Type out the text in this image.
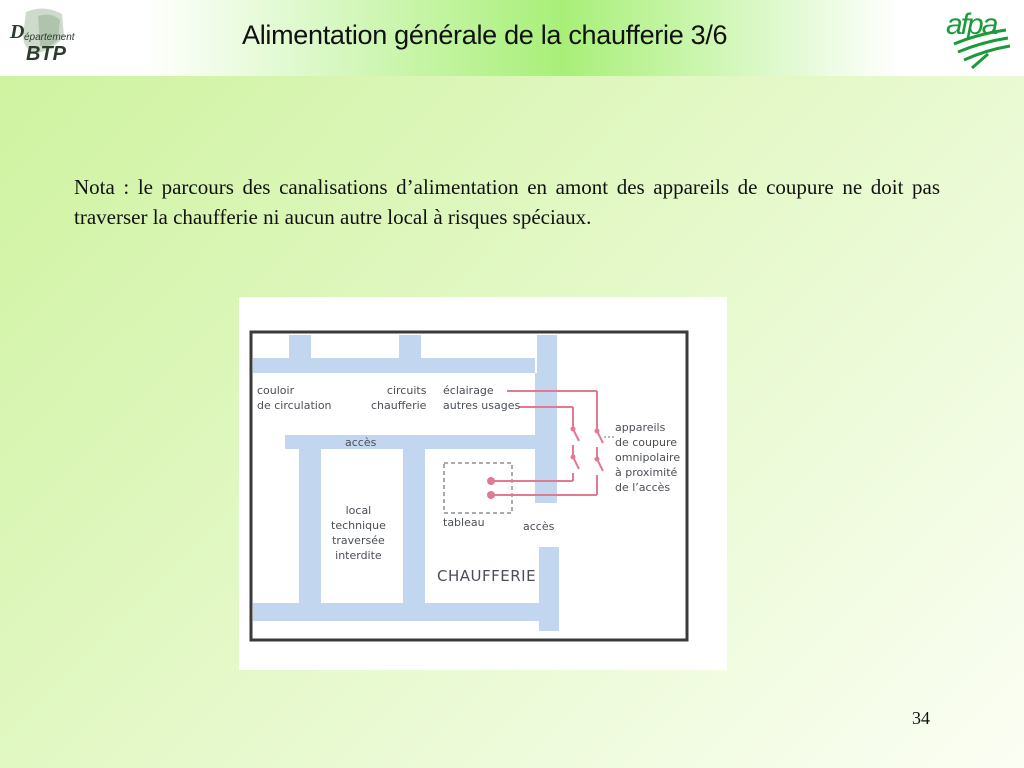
D épartement
BTP
Alimentation générale de la chaufferie 3/6	afpa

Nota : le parcours des canalisations d’alimentation en amont des appareils de coupure ne doit pas traverser la chaufferie ni aucun autre local à risques spéciaux.

couloir
de circulation
circuits
chaufferie
éclairage
autres usages
appareils
de coupure
omnipolaire
à proximité
de l’accès
accès
accès
local
technique
traversée
interdite
tableau
CHAUFFERIE
34
